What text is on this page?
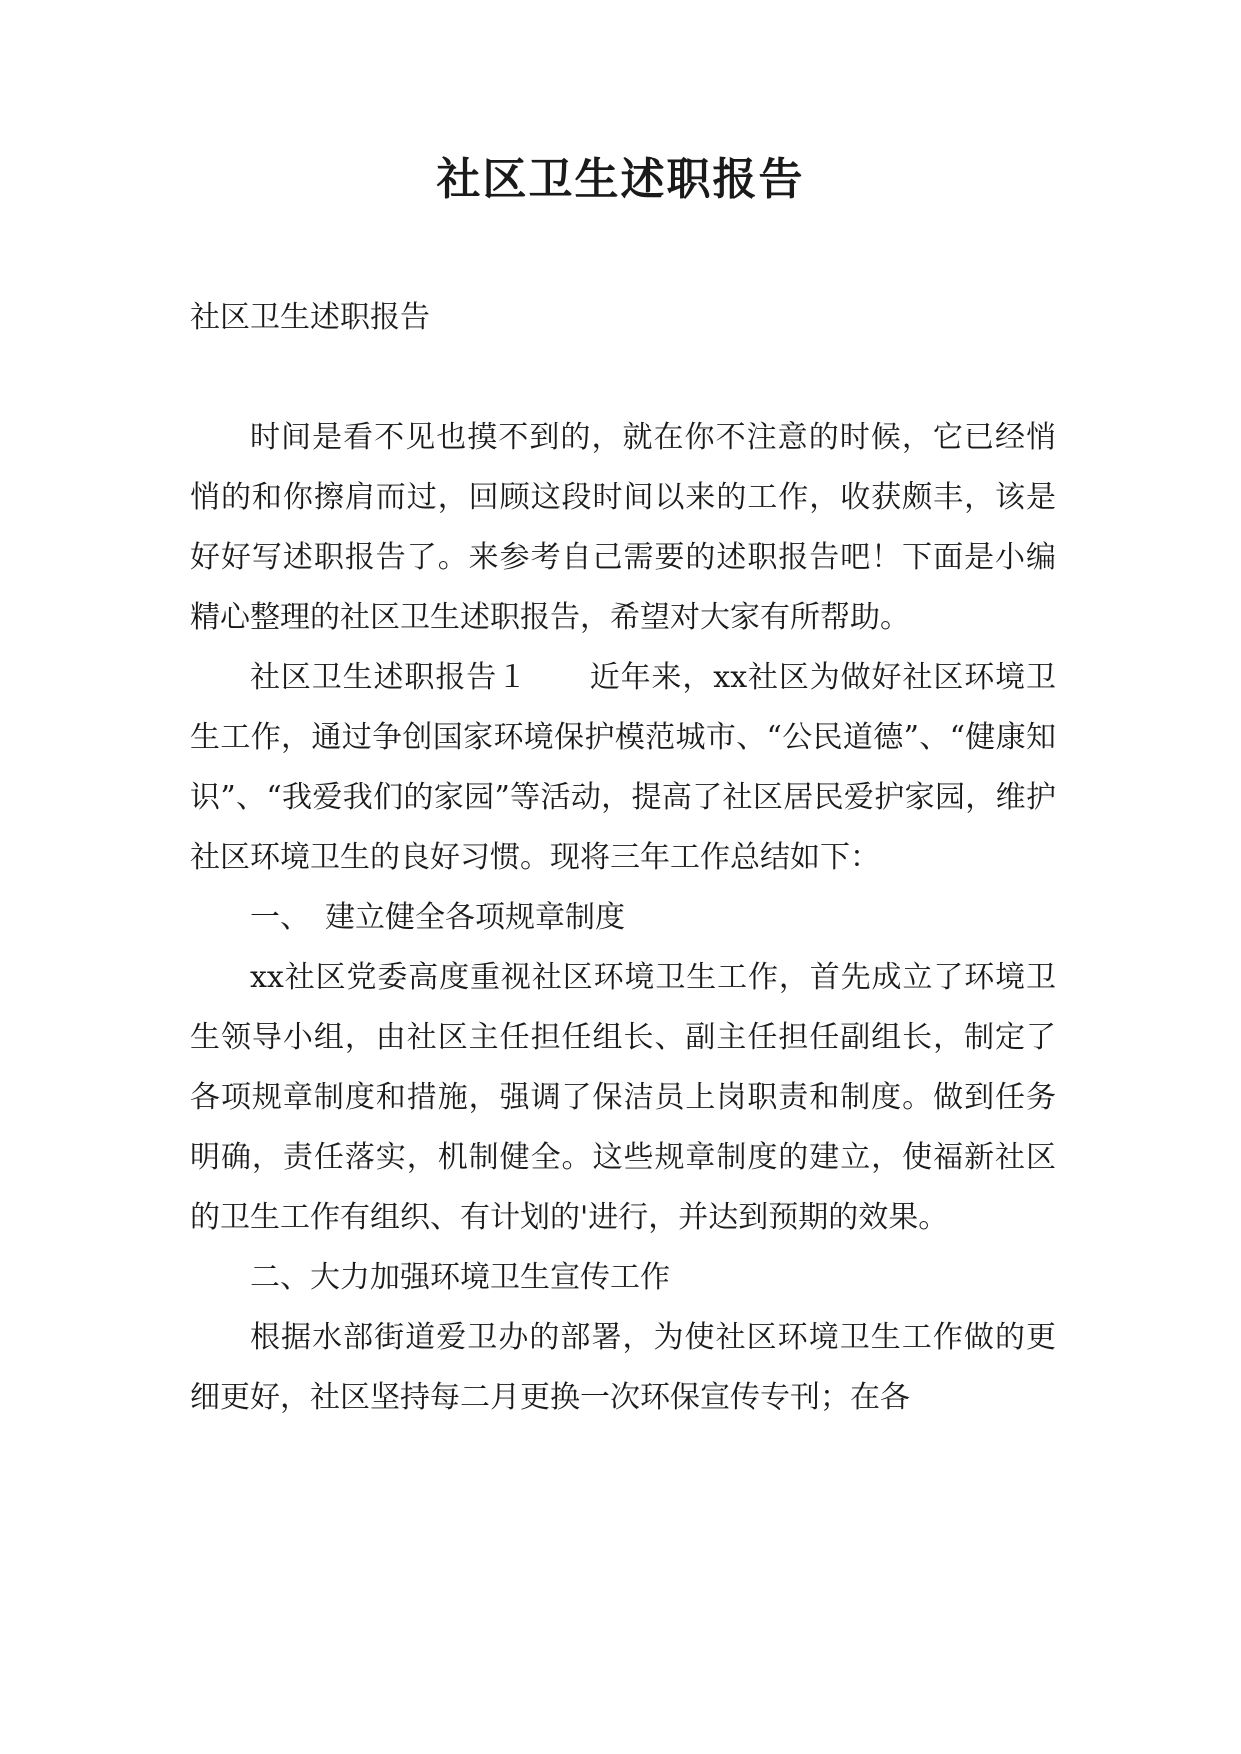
社区卫生述职报告

社区卫生述职报告

时间是看不见也摸不到的，就在你不注意的时候，它已经悄悄的和你擦肩而过，回顾这段时间以来的工作，收获颇丰，该是好好写述职报告了。来参考自己需要的述职报告吧！下面是小编精心整理的社区卫生述职报告，希望对大家有所帮助。

社区卫生述职报告１　　近年来，xx社区为做好社区环境卫生工作，通过争创国家环境保护模范城市、“公民道德”、“健康知识”、“我爱我们的家园”等活动，提高了社区居民爱护家园，维护社区环境卫生的良好习惯。现将三年工作总结如下：

一、　建立健全各项规章制度

xx社区党委高度重视社区环境卫生工作，首先成立了环境卫生领导小组，由社区主任担任组长、副主任担任副组长，制定了各项规章制度和措施，强调了保洁员上岗职责和制度。做到任务明确，责任落实，机制健全。这些规章制度的建立，使福新社区的卫生工作有组织、有计划的'进行，并达到预期的效果。

二、大力加强环境卫生宣传工作

根据水部街道爱卫办的部署，为使社区环境卫生工作做的更细更好，社区坚持每二月更换一次环保宣传专刊；在各
